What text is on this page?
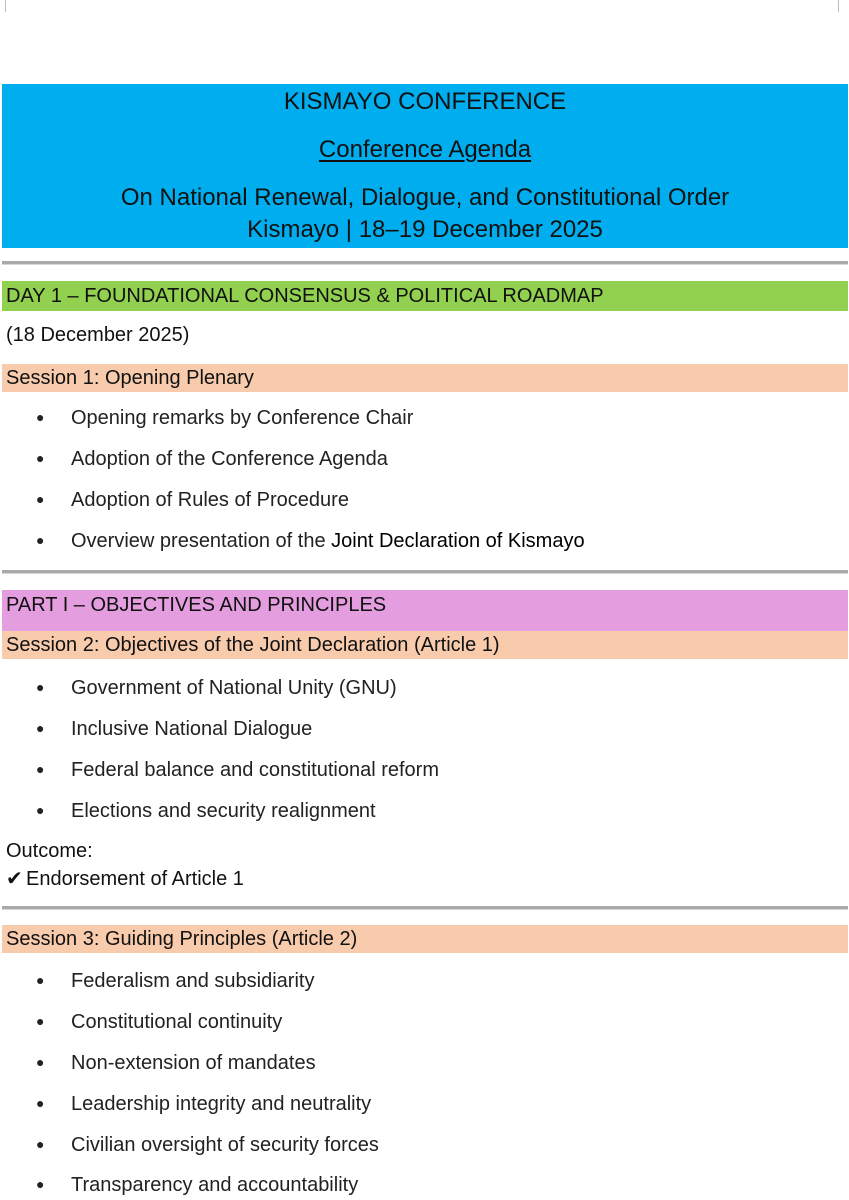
KISMAYO CONFERENCE
Conference Agenda
On National Renewal, Dialogue, and Constitutional Order
Kismayo | 18–19 December 2025
DAY 1 – FOUNDATIONAL CONSENSUS & POLITICAL ROADMAP
(18 December 2025)
Session 1: Opening Plenary
● Opening remarks by Conference Chair
● Adoption of the Conference Agenda
● Adoption of Rules of Procedure
● Overview presentation of the Joint Declaration of Kismayo
PART I – OBJECTIVES AND PRINCIPLES
Session 2: Objectives of the Joint Declaration (Article 1)
● Government of National Unity (GNU)
● Inclusive National Dialogue
● Federal balance and constitutional reform
● Elections and security realignment
Outcome:
✔ Endorsement of Article 1
Session 3: Guiding Principles (Article 2)
● Federalism and subsidiarity
● Constitutional continuity
● Non-extension of mandates
● Leadership integrity and neutrality
● Civilian oversight of security forces
● Transparency and accountability
